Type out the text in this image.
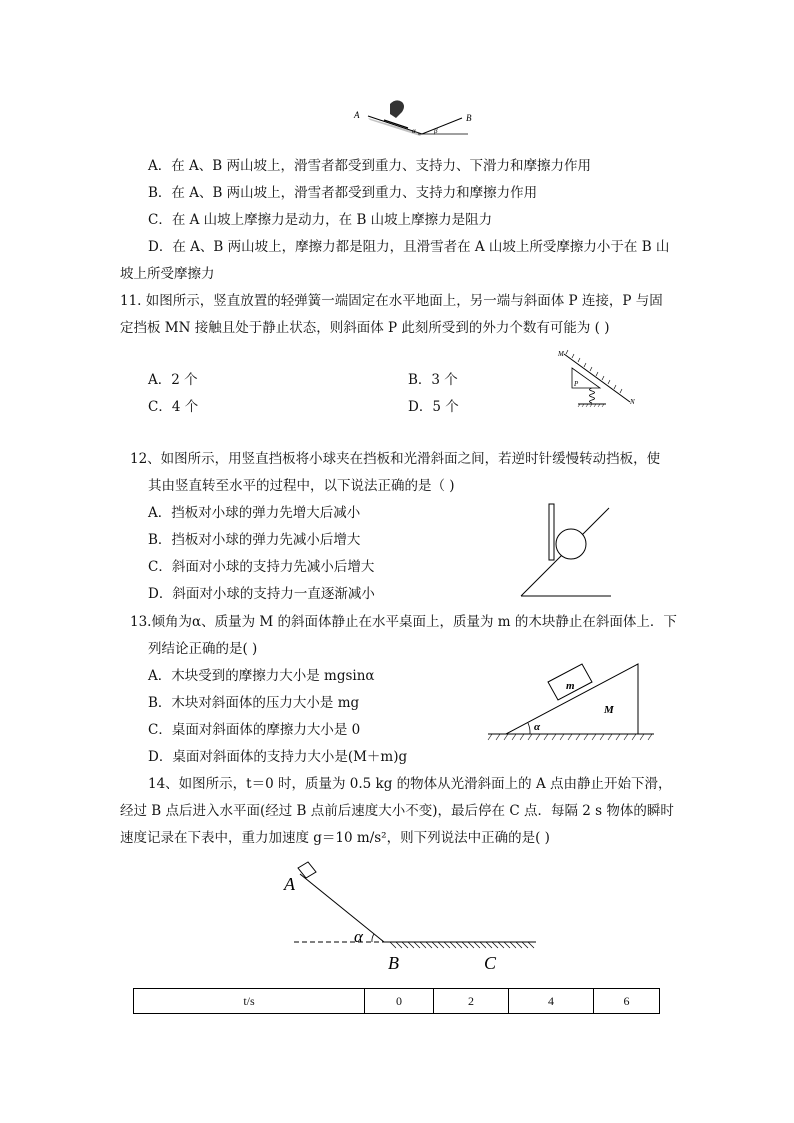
A	B
α	β
A．在 A、B 两山坡上，滑雪者都受到重力、支持力、下滑力和摩擦力作用
B．在 A、B 两山坡上，滑雪者都受到重力、支持力和摩擦力作用
C．在 A 山坡上摩擦力是动力，在 B 山坡上摩擦力是阻力
D．在 A、B 两山坡上，摩擦力都是阻力，且滑雪者在 A 山坡上所受摩擦力小于在 B 山
坡上所受摩擦力
11. 如图所示，竖直放置的轻弹簧一端固定在水平地面上，另一端与斜面体 P 连接，P 与固
定挡板 MN 接触且处于静止状态，则斜面体 P 此刻所受到的外力个数有可能为 ( )
A．2 个	B．3 个
C．4 个	D．5 个
M
N
P
12、如图所示，用竖直挡板将小球夹在挡板和光滑斜面之间，若逆时针缓慢转动挡板，使
其由竖直转至水平的过程中，以下说法正确的是（ )
A．挡板对小球的弹力先增大后减小
B．挡板对小球的弹力先减小后增大
C．斜面对小球的支持力先减小后增大
D．斜面对小球的支持力一直逐渐减小
13.倾角为α、质量为 M 的斜面体静止在水平桌面上，质量为 m 的木块静止在斜面体上．下
列结论正确的是( )
A．木块受到的摩擦力大小是 mgsinα
B．木块对斜面体的压力大小是 mg
C．桌面对斜面体的摩擦力大小是 0
D．桌面对斜面体的支持力大小是(M＋m)g
m
M
α
14、如图所示，t＝0 时，质量为 0.5 kg 的物体从光滑斜面上的 A 点由静止开始下滑，
经过 B 点后进入水平面(经过 B 点前后速度大小不变)，最后停在 C 点．每隔 2 s 物体的瞬时
速度记录在下表中，重力加速度 g＝10 m/s²，则下列说法中正确的是( )
A
α
B	C
t/s	0	2	4	6
